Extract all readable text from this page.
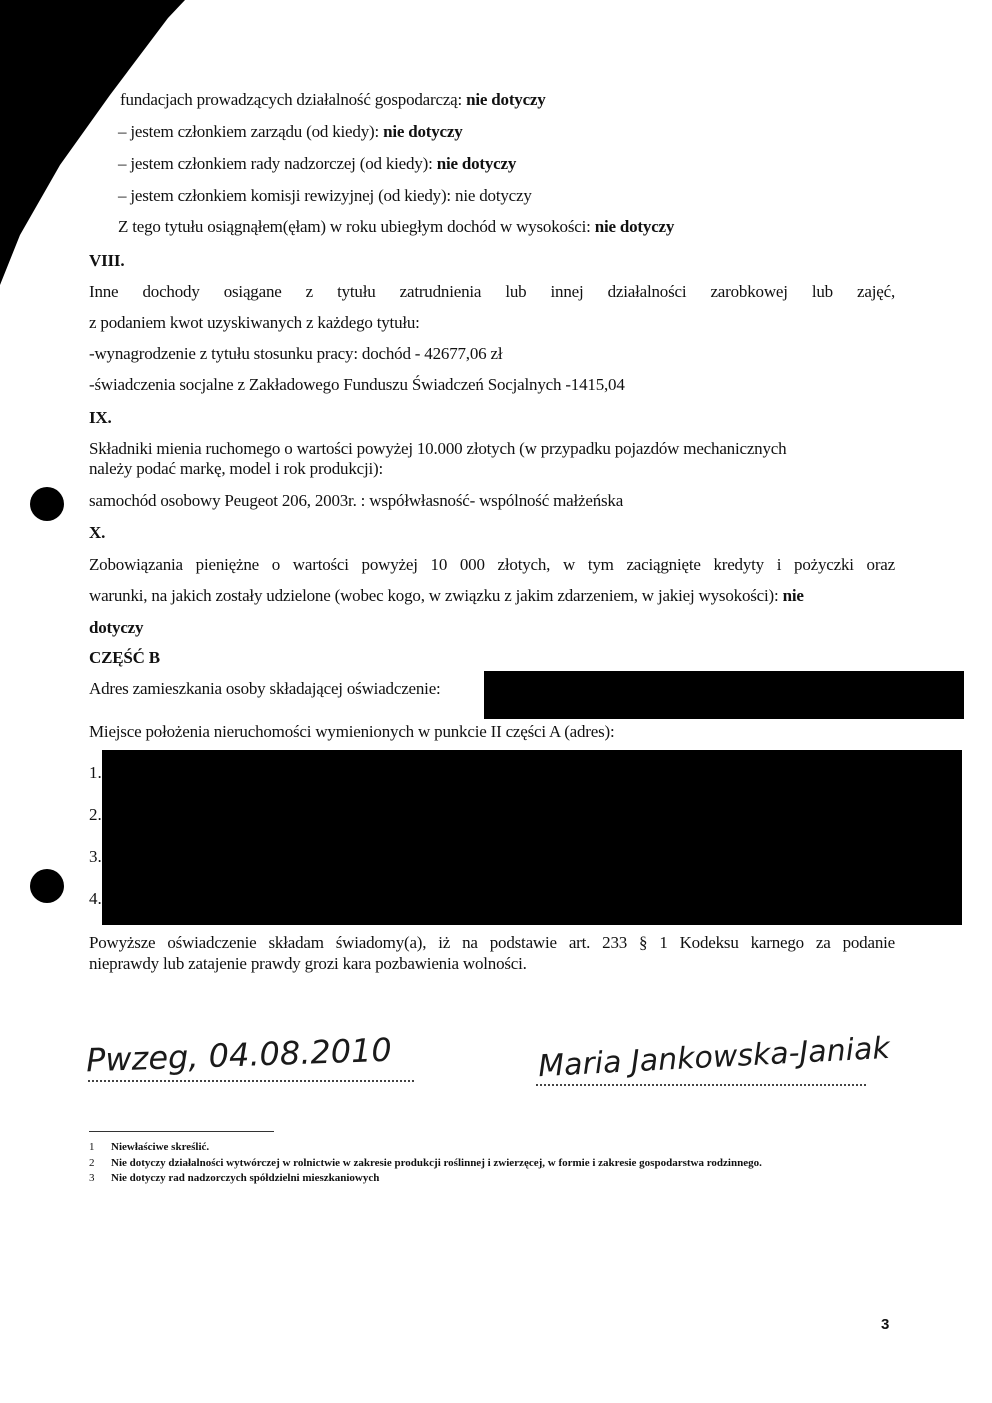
fundacjach prowadzących działalność gospodarczą: nie dotyczy
– jestem członkiem zarządu (od kiedy): nie dotyczy
– jestem członkiem rady nadzorczej (od kiedy): nie dotyczy
– jestem członkiem komisji rewizyjnej (od kiedy): nie dotyczy
Z tego tytułu osiągnąłem(ęłam) w roku ubiegłym dochód w wysokości: nie dotyczy
VIII.
Inne dochody osiągane z tytułu zatrudnienia lub innej działalności zarobkowej lub zajęć,
z podaniem kwot uzyskiwanych z każdego tytułu:
-wynagrodzenie z tytułu stosunku pracy: dochód - 42677,06 zł
-świadczenia socjalne z Zakładowego Funduszu Świadczeń Socjalnych -1415,04
IX.
Składniki mienia ruchomego o wartości powyżej 10.000 złotych (w przypadku pojazdów mechanicznych
należy podać markę, model i rok produkcji):
samochód osobowy Peugeot 206, 2003r. : współwłasność- wspólność małżeńska
X.
Zobowiązania pieniężne o wartości powyżej 10 000 złotych, w tym zaciągnięte kredyty i pożyczki oraz
warunki, na jakich zostały udzielone (wobec kogo, w związku z jakim zdarzeniem, w jakiej wysokości): nie
dotyczy
CZĘŚĆ B
Adres zamieszkania osoby składającej oświadczenie:
Miejsce położenia nieruchomości wymienionych w punkcie II części A (adres):
1.
2.
3.
4.
Powyższe oświadczenie składam świadomy(a), iż na podstawie art. 233 § 1 Kodeksu karnego za podanie
nieprawdy lub zatajenie prawdy grozi kara pozbawienia wolności.
Pwzeg, 04.08.2010	Maria Jankowska-Janiak
1 Niewłaściwe skreślić.
2 Nie dotyczy działalności wytwórczej w rolnictwie w zakresie produkcji roślinnej i zwierzęcej, w formie i zakresie gospodarstwa rodzinnego.
3 Nie dotyczy rad nadzorczych spółdzielni mieszkaniowych
3
